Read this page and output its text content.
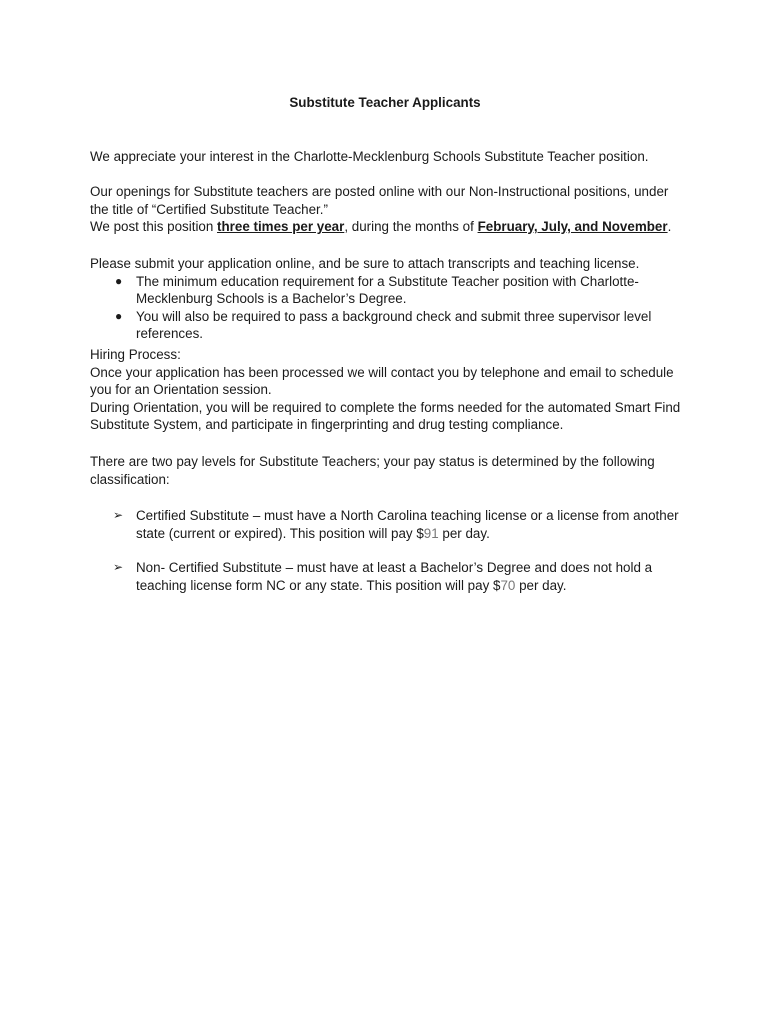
Substitute Teacher Applicants

We appreciate your interest in the Charlotte-Mecklenburg Schools Substitute Teacher position.

Our openings for Substitute teachers are posted online with our Non-Instructional positions, under the title of “Certified Substitute Teacher.”

We post this position three times per year, during the months of February, July, and November.

Please submit your application online, and be sure to attach transcripts and teaching license.

● The minimum education requirement for a Substitute Teacher position with Charlotte-Mecklenburg Schools is a Bachelor’s Degree.
● You will also be required to pass a background check and submit three supervisor level references.

Hiring Process:

Once your application has been processed we will contact you by telephone and email to schedule you for an Orientation session.

During Orientation, you will be required to complete the forms needed for the automated Smart Find Substitute System, and participate in fingerprinting and drug testing compliance.

There are two pay levels for Substitute Teachers; your pay status is determined by the following classification:

➢ Certified Substitute – must have a North Carolina teaching license or a license from another state (current or expired). This position will pay $91 per day.
➢ Non- Certified Substitute – must have at least a Bachelor’s Degree and does not hold a teaching license form NC or any state. This position will pay $70 per day.
